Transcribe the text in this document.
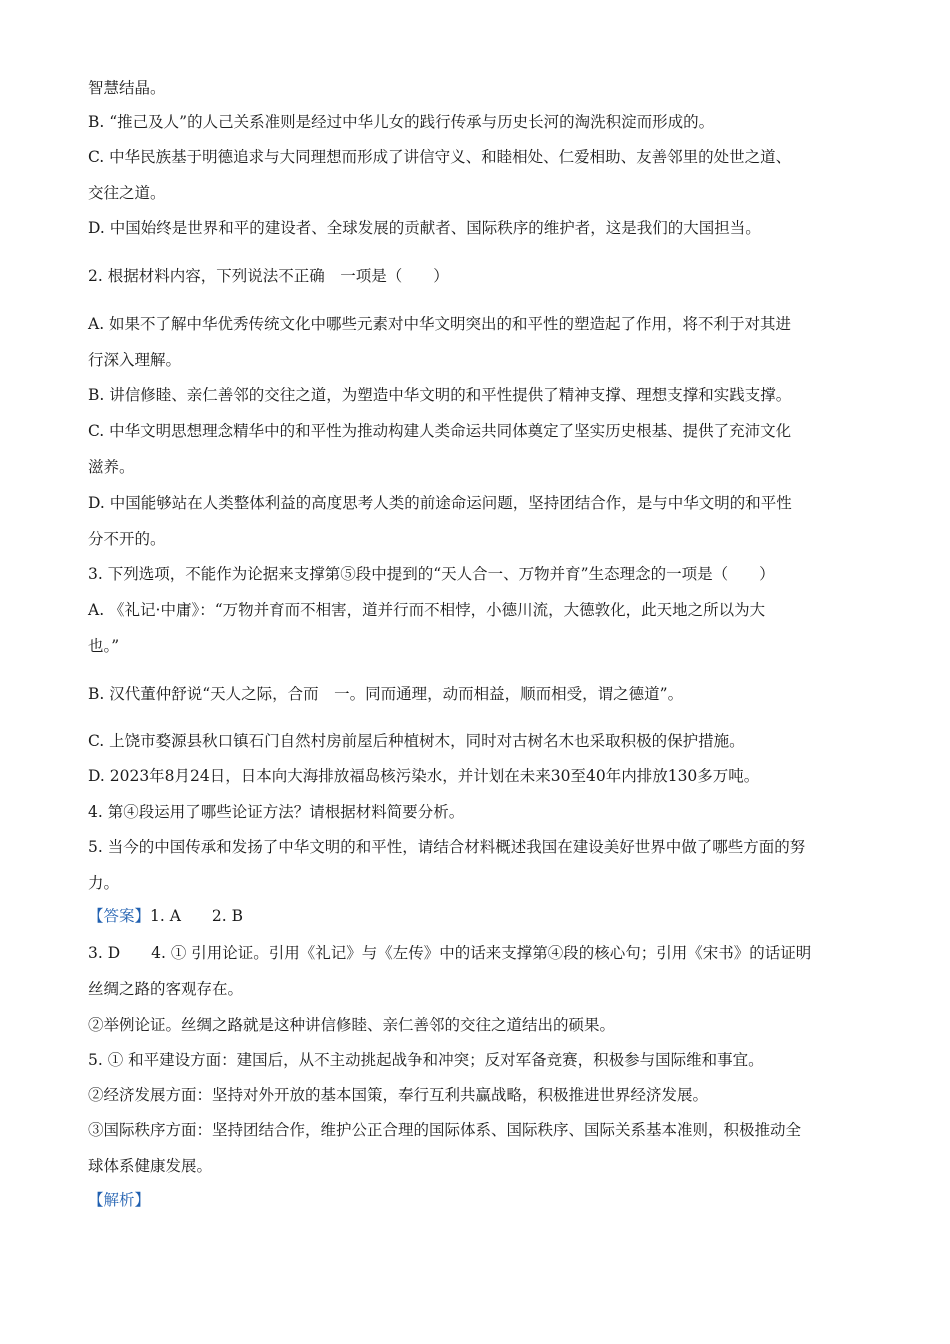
智慧结晶。
B. “推己及人”的人己关系准则是经过中华儿女的践行传承与历史长河的淘洗积淀而形成的。
C. 中华民族基于明德追求与大同理想而形成了讲信守义、和睦相处、仁爱相助、友善邻里的处世之道、
交往之道。
D. 中国始终是世界和平的建设者、全球发展的贡献者、国际秩序的维护者，这是我们的大国担当。
2. 根据材料内容，下列说法不正确　一项是（　　）
A. 如果不了解中华优秀传统文化中哪些元素对中华文明突出的和平性的塑造起了作用，将不利于对其进
行深入理解。
B. 讲信修睦、亲仁善邻的交往之道，为塑造中华文明的和平性提供了精神支撑、理想支撑和实践支撑。
C. 中华文明思想理念精华中的和平性为推动构建人类命运共同体奠定了坚实历史根基、提供了充沛文化
滋养。
D. 中国能够站在人类整体利益的高度思考人类的前途命运问题，坚持团结合作，是与中华文明的和平性
分不开的。
3. 下列选项，不能作为论据来支撑第⑤段中提到的“天人合一、万物并育”生态理念的一项是（　　）
A. 《礼记·中庸》：“万物并育而不相害，道并行而不相悖，小德川流，大德敦化，此天地之所以为大
也。”
B. 汉代董仲舒说“天人之际，合而　一。同而通理，动而相益，顺而相受，谓之德道”。
C. 上饶市婺源县秋口镇石门自然村房前屋后种植树木，同时对古树名木也采取积极的保护措施。
D. 2023年8月24日，日本向大海排放福岛核污染水，并计划在未来30至40年内排放130多万吨。
4. 第④段运用了哪些论证方法？请根据材料简要分析。
5. 当今的中国传承和发扬了中华文明的和平性，请结合材料概述我国在建设美好世界中做了哪些方面的努
力。
【答案】1. A　　2. B
3. D　　4. ① 引用论证。引用《礼记》与《左传》中的话来支撑第④段的核心句；引用《宋书》的话证明
丝绸之路的客观存在。
②举例论证。丝绸之路就是这种讲信修睦、亲仁善邻的交往之道结出的硕果。
5. ① 和平建设方面：建国后，从不主动挑起战争和冲突；反对军备竞赛，积极参与国际维和事宜。
②经济发展方面：坚持对外开放的基本国策，奉行互利共赢战略，积极推进世界经济发展。
③国际秩序方面：坚持团结合作，维护公正合理的国际体系、国际秩序、国际关系基本准则，积极推动全
球体系健康发展。
【解析】
